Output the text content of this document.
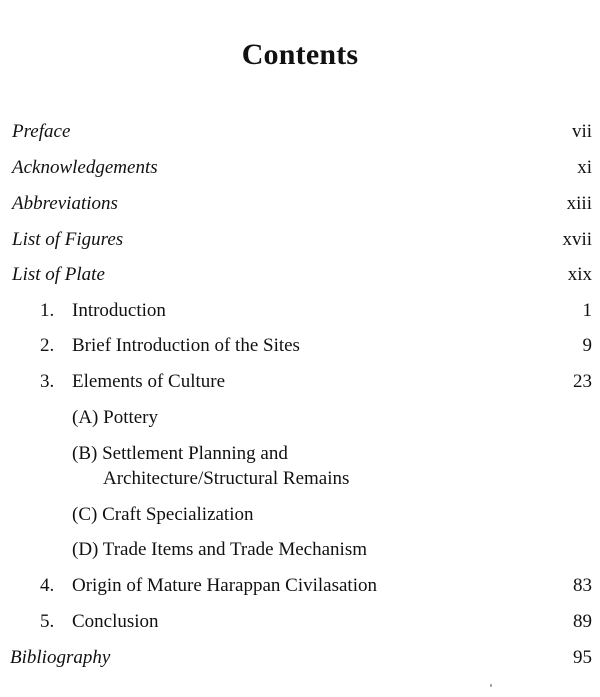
Contents
Preface	vii
Acknowledgements	xi
Abbreviations	xiii
List of Figures	xvii
List of Plate	xix
1. Introduction	1
2. Brief Introduction of the Sites	9
3. Elements of Culture	23
(A) Pottery
(B) Settlement Planning and
Architecture/Structural Remains
(C) Craft Specialization
(D) Trade Items and Trade Mechanism
4. Origin of Mature Harappan Civilasation	83
5. Conclusion	89
Bibliography	95
